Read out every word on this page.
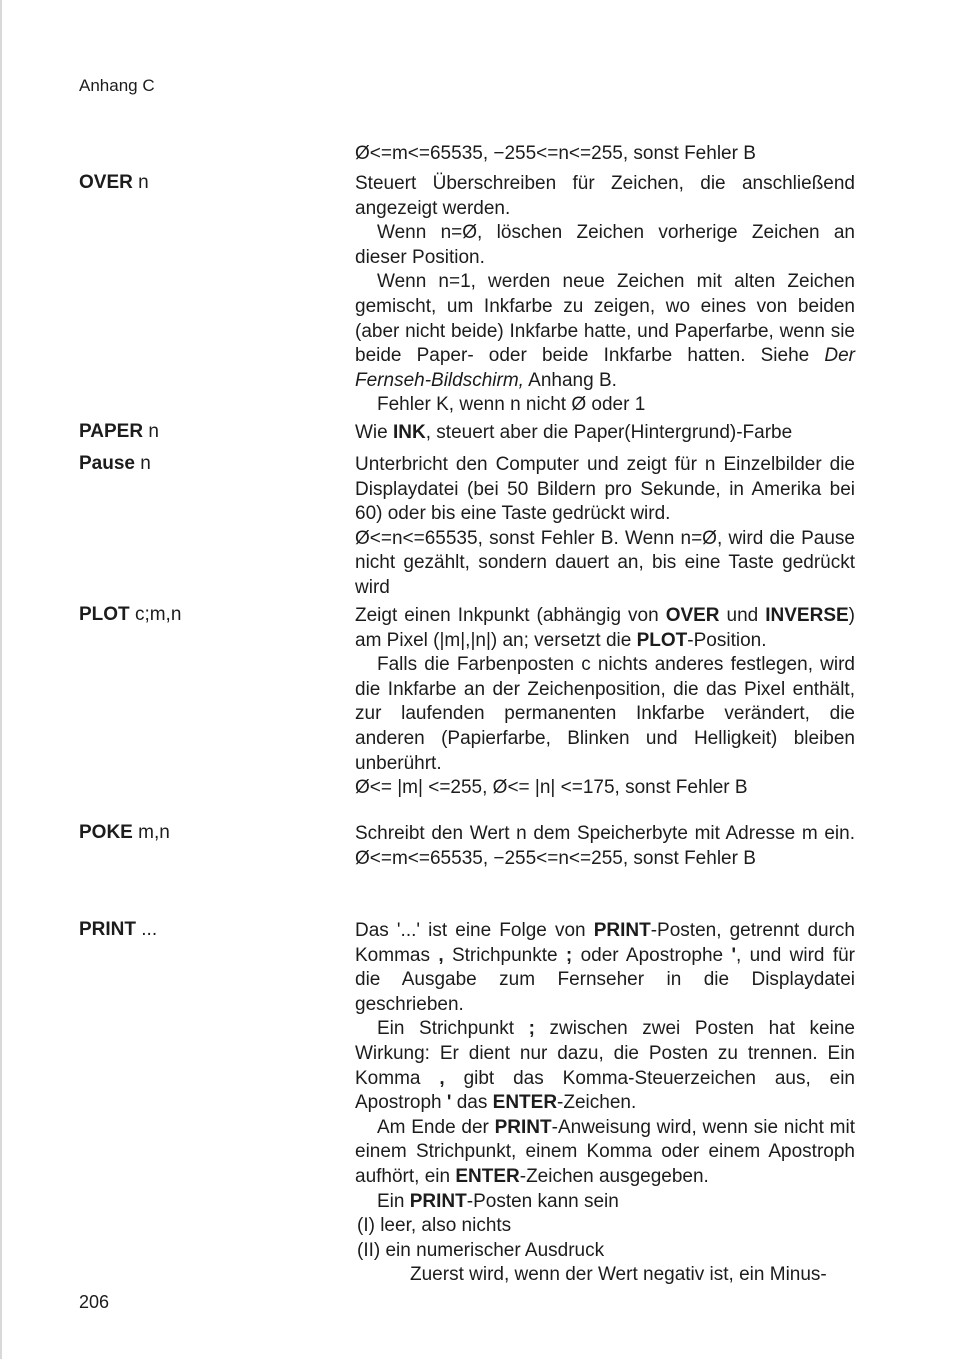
Anhang C

Ø<=m<=65535, −255<=n<=255, sonst Fehler B

OVER n	Steuert Überschreiben für Zeichen, die anschließend angezeigt werden.

Wenn n=Ø, löschen Zeichen vorherige Zeichen an dieser Position.

Wenn n=1, werden neue Zeichen mit alten Zeichen gemischt, um Inkfarbe zu zeigen, wo eines von beiden (aber nicht beide) Inkfarbe hatte, und Paperfarbe, wenn sie beide Paper- oder beide Inkfarbe hatten. Siehe Der Fernseh-Bildschirm, Anhang B.

Fehler K, wenn n nicht Ø oder 1

PAPER n	Wie INK, steuert aber die Paper(Hintergrund)-Farbe

Pause n	Unterbricht den Computer und zeigt für n Einzelbilder die Displaydatei (bei 50 Bildern pro Sekunde, in Amerika bei 60) oder bis eine Taste gedrückt wird.

Ø<=n<=65535, sonst Fehler B. Wenn n=Ø, wird die Pause nicht gezählt, sondern dauert an, bis eine Taste gedrückt wird

PLOT c;m,n	Zeigt einen Inkpunkt (abhängig von OVER und INVERSE) am Pixel (|m|,|n|) an; versetzt die PLOT-Position.

Falls die Farbenposten c nichts anderes festlegen, wird die Inkfarbe an der Zeichenposition, die das Pixel enthält, zur laufenden permanenten Inkfarbe verändert, die anderen (Papierfarbe, Blinken und Helligkeit) bleiben unberührt.

Ø<= |m| <=255, Ø<= |n| <=175, sonst Fehler B

POKE m,n	Schreibt den Wert n dem Speicherbyte mit Adresse m ein. Ø<=m<=65535, −255<=n<=255, sonst Fehler B

PRINT ...	Das '...' ist eine Folge von PRINT-Posten, getrennt durch Kommas , Strichpunkte ; oder Apostrophe ', und wird für die Ausgabe zum Fernseher in die Displaydatei geschrieben.

Ein Strichpunkt ; zwischen zwei Posten hat keine Wirkung: Er dient nur dazu, die Posten zu trennen. Ein Komma , gibt das Komma-Steuerzeichen aus, ein Apostroph ' das ENTER-Zeichen.

Am Ende der PRINT-Anweisung wird, wenn sie nicht mit einem Strichpunkt, einem Komma oder einem Apostroph aufhört, ein ENTER-Zeichen ausgegeben.

Ein PRINT-Posten kann sein

(I) leer, also nichts

(II) ein numerischer Ausdruck

Zuerst wird, wenn der Wert negativ ist, ein Minus-

206
